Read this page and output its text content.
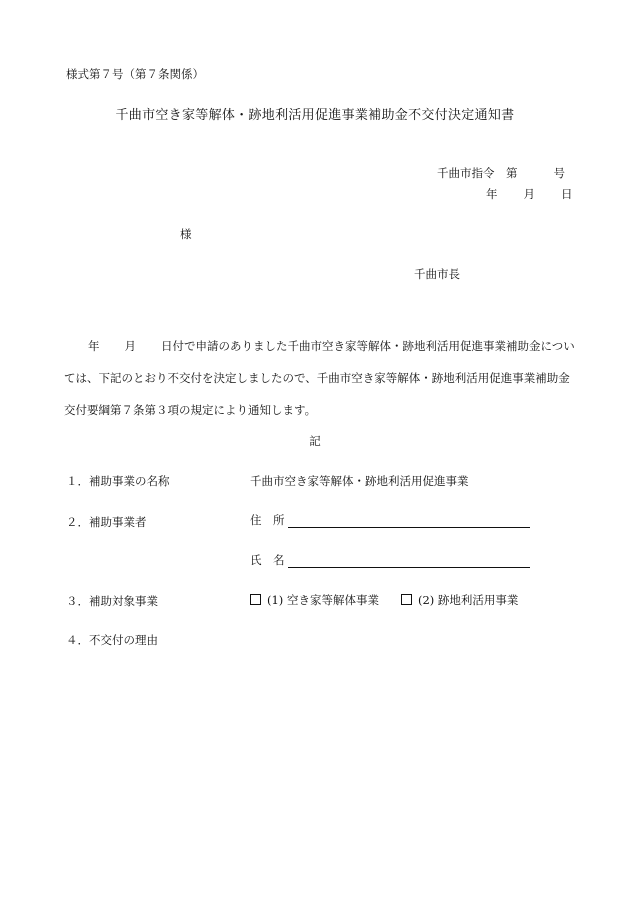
様式第７号（第７条関係）
千曲市空き家等解体・跡地利活用促進事業補助金不交付決定通知書
千曲市指令　第	号
年 月 日
様
千曲市長
年 月 日付で申請のありました千曲市空き家等解体・跡地利活用促進事業補助金については、下記のとおり不交付を決定しましたので、千曲市空き家等解体・跡地利活用促進事業補助金交付要綱第７条第３項の規定により通知します。
記
１．補助事業の名称	千曲市空き家等解体・跡地利活用促進事業
２．補助事業者	住　所
氏　名
３．補助対象事業	(1) 空き家等解体事業	(2) 跡地利活用事業
４．不交付の理由
